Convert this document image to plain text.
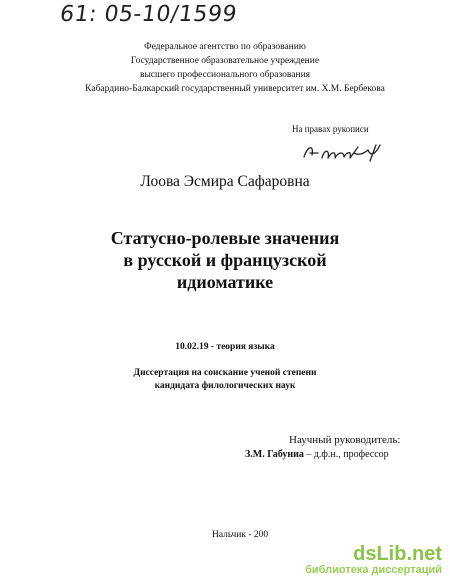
61: 05-10/1599
Федеральное агентство по образованию
Государственное образовательное учреждение
высшего профессионального образования
Кабардино-Балкарский государственный университет им. Х.М. Бербекова
На правах рукописи
Лоова Эсмира Сафаровна
Статусно-ролевые значения
в русской и французской
идиоматике
10.02.19 - теория языка
Диссертация на соискание ученой степени
кандидата филологических наук
Научный руководитель:
З.М. Габуниа – д.ф.н., профессор
Нальчик - 200
dsLib.net
библиотека диссертаций
